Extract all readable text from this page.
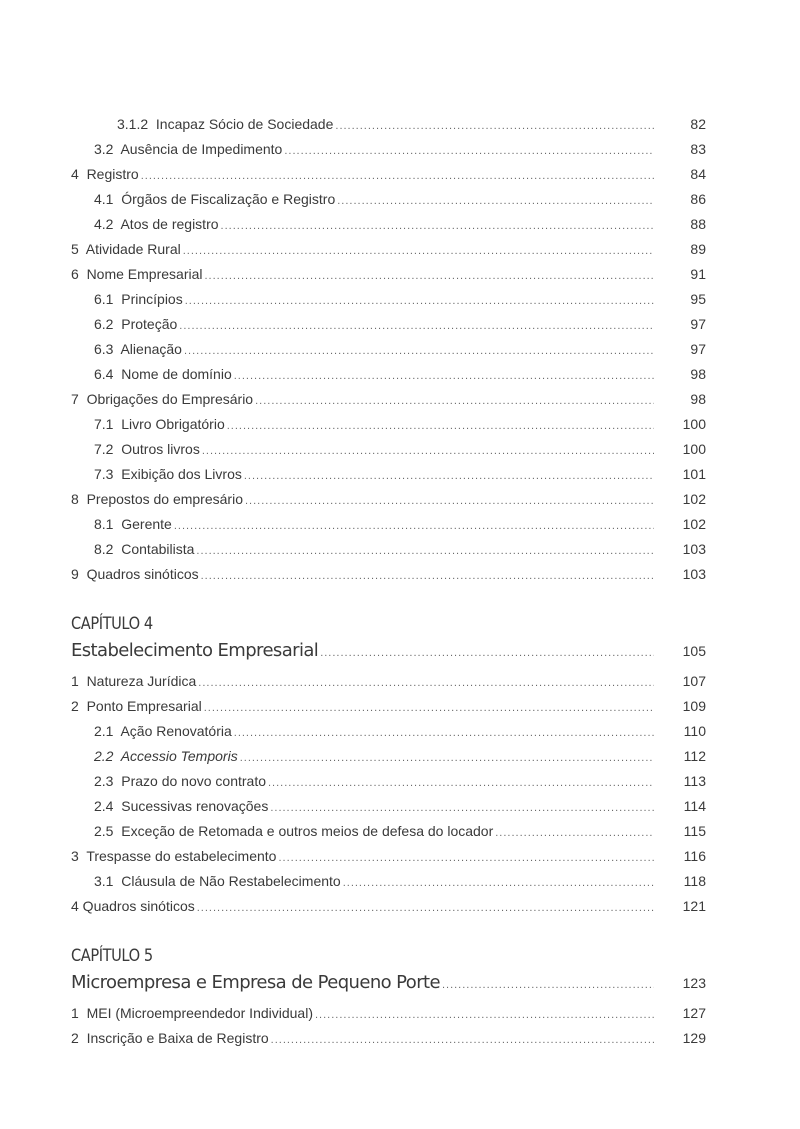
3.1.2  Incapaz Sócio de Sociedade .....	82
3.2  Ausência de Impedimento .....	83
4  Registro .....	84
4.1  Órgãos de Fiscalização e Registro .....	86
4.2  Atos de registro .....	88
5  Atividade Rural .....	89
6  Nome Empresarial .....	91
6.1  Princípios .....	95
6.2  Proteção .....	97
6.3  Alienação .....	97
6.4  Nome de domínio .....	98
7  Obrigações do Empresário .....	98
7.1  Livro Obrigatório .....	100
7.2  Outros livros .....	100
7.3  Exibição dos Livros .....	101
8  Prepostos do empresário .....	102
8.1  Gerente .....	102
8.2  Contabilista .....	103
9  Quadros sinóticos .....	103
CAPÍTULO 4
Estabelecimento Empresarial .....	105
1  Natureza Jurídica .....	107
2  Ponto Empresarial .....	109
2.1  Ação Renovatória .....	110
2.2  Accessio Temporis .....	112
2.3  Prazo do novo contrato .....	113
2.4  Sucessivas renovações .....	114
2.5  Exceção de Retomada e outros meios de defesa do locador .....	115
3  Trespasse do estabelecimento .....	116
3.1  Cláusula de Não Restabelecimento .....	118
4 Quadros sinóticos .....	121
CAPÍTULO 5
Microempresa e Empresa de Pequeno Porte .....	123
1  MEI (Microempreendedor Individual) .....	127
2  Inscrição e Baixa de Registro .....	129
